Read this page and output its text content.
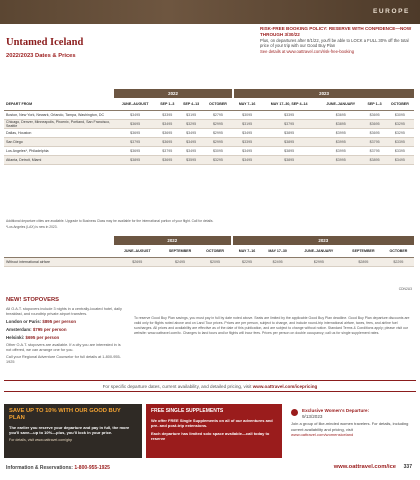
EUROPE
Untamed Iceland
2022/2023 Dates & Prices
RISK-FREE BOOKING POLICY: RESERVE WITH CONFIDENCE—NOW THROUGH 3/30/22
Plus, on departures after 8/1/22, you'll be able to LOCK a FULL 30% off the total price of your trip with our Good Buy Plan
See details at www.oattravel.com/risk-free-booking
	2022					2023				
DEPART FROM	JUNE–AUGUST	SEP 1–3	SEP 4–13	OCTOBER		MAY 7–16	MAY 17–30, SEP 4–14	JUNE–JANUARY	SEP 1–3	OCTOBER
Boston, New York, Newark, Orlando, Tampa, Washington, DC	$3495	$3395	$3195	$2795		$3095	$3395	$3695	$3695	$3095
Chicago, Denver, Minneapolis, Phoenix, Portland, San Francisco, Seattle	$3695	$3495	$3295	$2995		$3195	$3795	$3895	$3695	$3295
Dallas, Houston	$3695	$3695	$3495	$2995		$3495	$3895	$3995	$3695	$3295
San Diego	$3795	$3695	$3495	$2995		$3395	$3895	$3995	$3795	$3395
Los Angeles*, Philadelphia	$3695	$3795	$3495	$3095		$3495	$3895	$3995	$3795	$3395
Atlanta, Detroit, Miami	$3895	$3695	$3595	$3295		$3495	$3895	$3995	$3895	$3495
Additional departure cities are available. Upgrade to Business Class may be available for the international portion of your flight. Call for details.
*Los Angeles (LAX) is new in 2023.
	2022				2023				
	JUNE–AUGUST	SEPTEMBER	OCTOBER		MAY 7–16	MAY 17–30	JUNE–JANUARY	SEPTEMBER	OCTOBER
Without international airfare	$2695	$2495	$2095		$2295	$2495	$2995	$2895	$2295
CDN2U3
NEW! STOPOVERS
All O.A.T. stopovers include 3 nights in a centrally-located hotel, daily breakfast, and roundtrip private airport transfers.
London or Paris: $895 per person
Amsterdam: $795 per person
Helsinki: $695 per person
Other O.A.T. stopovers are available. If a city you are interested in is not offered, we can arrange one for you.
Call your Regional Adventure Counselor for full details at 1-800-955-1925
To reserve Good Buy Plan savings, you must pay in full by date noted above. Seats are limited by the applicable Good Buy Plan deadline. Good Buy Plan departure discounts are valid only for flights noted above and on Land Tour prices. Prices are per person, subject to change, and include round-trip international airfare, taxes, fees, and airline fuel surcharges. All prices and availability are effective as of the date of this publication, and are subject to change without notice. Standard Terms & Conditions apply; please visit our website: www.oattravel.com/tc. Changes to land tours and/or flights will incur fees. Prices per person on double occupancy; call us for single supplement rates.
For specific departure dates, current availability, and detailed pricing, visit www.oattravel.com/icepricing
SAVE UP TO 10% WITH OUR GOOD BUY PLAN
The earlier you reserve your departure and pay in full, the more you'll save—up to 10%—plus, you'll lock in your price.
For details, visit www.oattravel.com/gbp
FREE SINGLE SUPPLEMENTS
We offer FREE Single Supplements on all of our adventures and pre- and post-trip extensions.
Each departure has limited solo space available—call today to reserve
Exclusive Women's Departure:
9/13/2023
Join a group of like-minded women travelers. For details, including current availability and pricing, visit
www.oattravel.com/womensiceland
Information & Reservations: 1-800-955-1925	www.oattravel.com/ice 337
